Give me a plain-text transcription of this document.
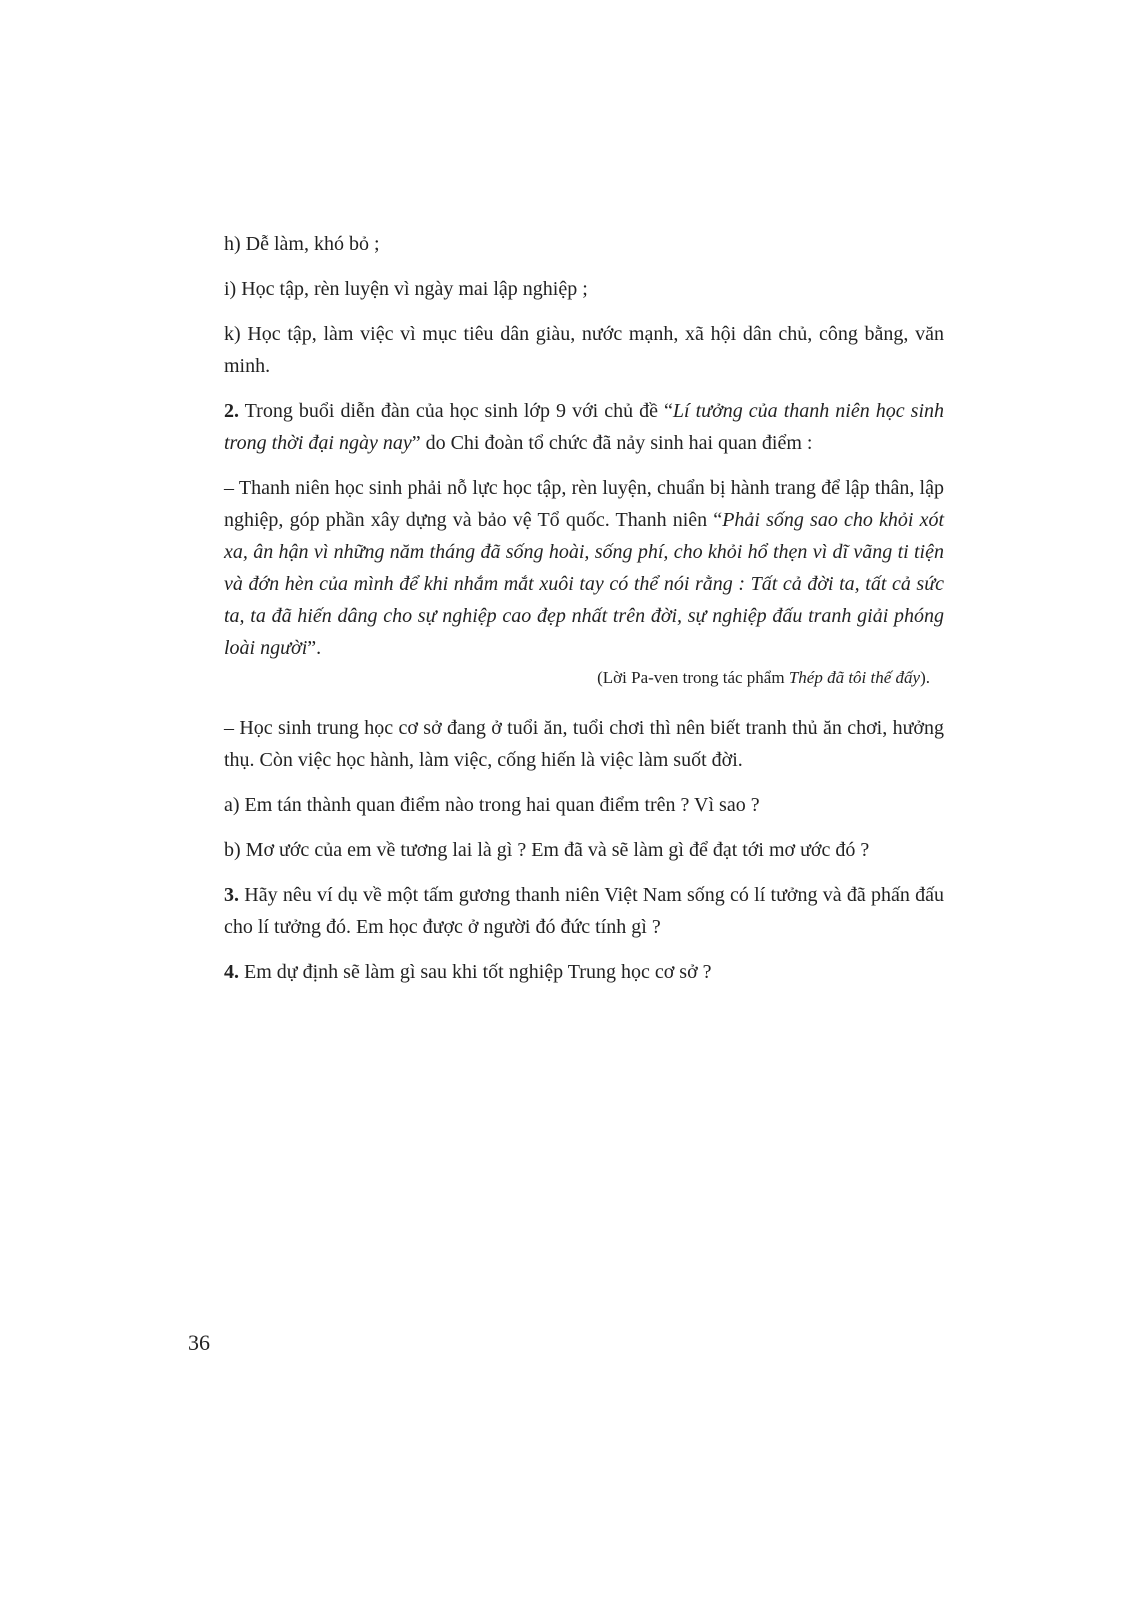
h) Dễ làm, khó bỏ ;

i) Học tập, rèn luyện vì ngày mai lập nghiệp ;

k) Học tập, làm việc vì mục tiêu dân giàu, nước mạnh, xã hội dân chủ, công bằng, văn minh.

2. Trong buổi diễn đàn của học sinh lớp 9 với chủ đề “Lí tưởng của thanh niên học sinh trong thời đại ngày nay” do Chi đoàn tổ chức đã nảy sinh hai quan điểm :

– Thanh niên học sinh phải nỗ lực học tập, rèn luyện, chuẩn bị hành trang để lập thân, lập nghiệp, góp phần xây dựng và bảo vệ Tổ quốc. Thanh niên “Phải sống sao cho khỏi xót xa, ân hận vì những năm tháng đã sống hoài, sống phí, cho khỏi hổ thẹn vì dĩ vãng ti tiện và đớn hèn của mình để khi nhắm mắt xuôi tay có thể nói rằng : Tất cả đời ta, tất cả sức ta, ta đã hiến dâng cho sự nghiệp cao đẹp nhất trên đời, sự nghiệp đấu tranh giải phóng loài người”.

(Lời Pa-ven trong tác phẩm Thép đã tôi thế đấy).

– Học sinh trung học cơ sở đang ở tuổi ăn, tuổi chơi thì nên biết tranh thủ ăn chơi, hưởng thụ. Còn việc học hành, làm việc, cống hiến là việc làm suốt đời.

a) Em tán thành quan điểm nào trong hai quan điểm trên ? Vì sao ?

b) Mơ ước của em về tương lai là gì ? Em đã và sẽ làm gì để đạt tới mơ ước đó ?

3. Hãy nêu ví dụ về một tấm gương thanh niên Việt Nam sống có lí tưởng và đã phấn đấu cho lí tưởng đó. Em học được ở người đó đức tính gì ?

4. Em dự định sẽ làm gì sau khi tốt nghiệp Trung học cơ sở ?

36
